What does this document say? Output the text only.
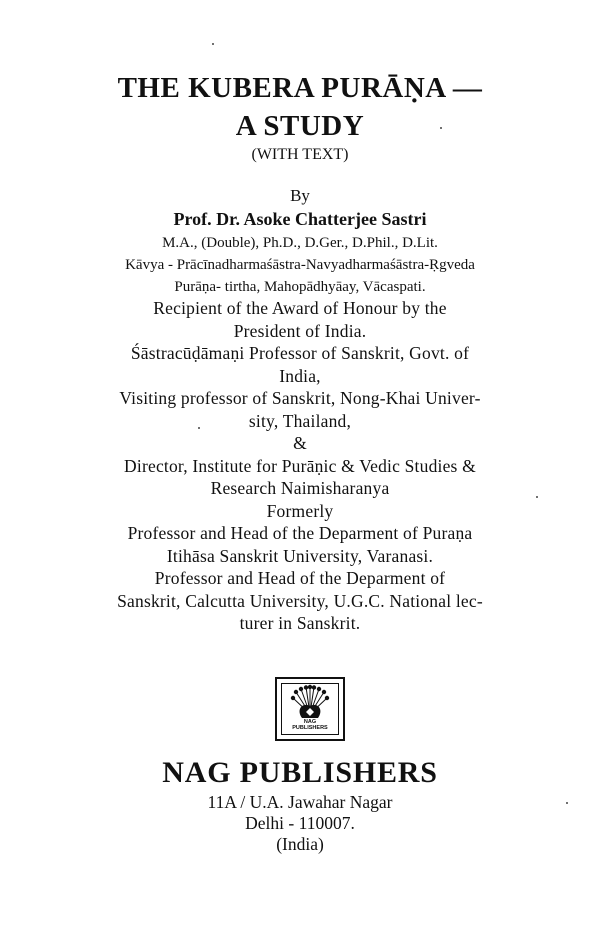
THE KUBERA PURĀṆA —
A STUDY
(WITH TEXT)
By
Prof. Dr. Asoke Chatterjee Sastri
M.A., (Double), Ph.D., D.Ger., D.Phil., D.Lit.
Kāvya - Prācīnadharmaśāstra-Navyadharmaśāstra-Ṛgveda
Purāṇa- tirtha, Mahopādhyāay, Vācaspati.
Recipient of the Award of Honour by the
President of India.
Śāstracūḍāmaṇi Professor of Sanskrit, Govt. of
India,
Visiting professor of Sanskrit, Nong-Khai Univer-
sity, Thailand,
&
Director, Institute for Purāṇic & Vedic Studies &
Research Naimisharanya
Formerly
Professor and Head of the Deparment of Puraṇa
Itihāsa Sanskrit University, Varanasi.
Professor and Head of the Deparment of
Sanskrit, Calcutta University, U.G.C. National lec-
turer in Sanskrit.
NAG
PUBLISHERS
NAG PUBLISHERS
11A / U.A. Jawahar Nagar
Delhi - 110007.
(India)
